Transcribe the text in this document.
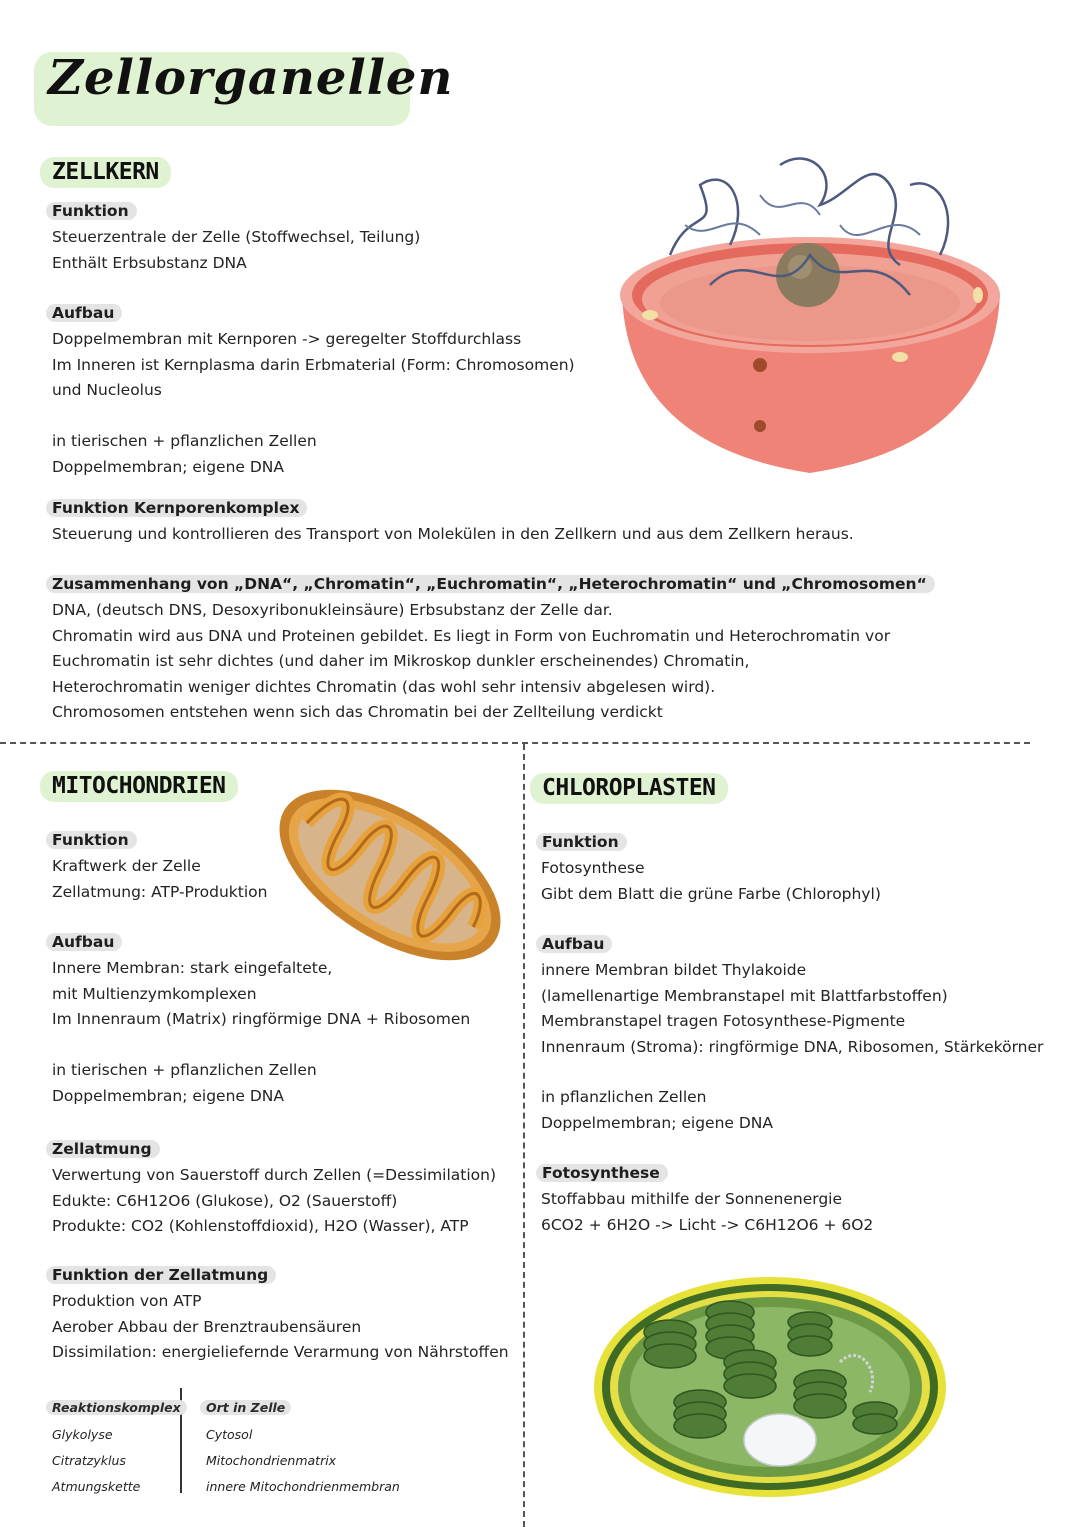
Zellorganellen
ZELLKERN
Funktion
Steuerzentrale der Zelle (Stoffwechsel, Teilung)
Enthält Erbsubstanz DNA
Aufbau
Doppelmembran mit Kernporen -> geregelter Stoffdurchlass
Im Inneren ist Kernplasma darin Erbmaterial (Form: Chromosomen)
und Nucleolus
in tierischen + pflanzlichen Zellen
Doppelmembran; eigene DNA
Funktion Kernporenkomplex
Steuerung und kontrollieren des Transport von Molekülen in den Zellkern und aus dem Zellkern heraus.
Zusammenhang von „DNA“, „Chromatin“, „Euchromatin“, „Heterochromatin“ und „Chromosomen“
DNA, (deutsch DNS, Desoxyribonukleinsäure) Erbsubstanz der Zelle dar.
Chromatin wird aus DNA und Proteinen gebildet. Es liegt in Form von Euchromatin und Heterochromatin vor
Euchromatin ist sehr dichtes (und daher im Mikroskop dunkler erscheinendes) Chromatin,
Heterochromatin weniger dichtes Chromatin (das wohl sehr intensiv abgelesen wird).
Chromosomen entstehen wenn sich das Chromatin bei der Zellteilung verdickt
MITOCHONDRIEN
Funktion
Kraftwerk der Zelle
Zellatmung: ATP-Produktion
Aufbau
Innere Membran: stark eingefaltete,
mit Multienzymkomplexen
Im Innenraum (Matrix) ringförmige DNA + Ribosomen
in tierischen + pflanzlichen Zellen
Doppelmembran; eigene DNA
Zellatmung
Verwertung von Sauerstoff durch Zellen (=Dessimilation)
Edukte: C6H12O6 (Glukose), O2 (Sauerstoff)
Produkte: CO2 (Kohlenstoffdioxid), H2O (Wasser), ATP
Funktion der Zellatmung
Produktion von ATP
Aerober Abbau der Brenztraubensäuren
Dissimilation: energieliefernde Verarmung von Nährstoffen
Reaktionskomplex	Ort in Zelle
Glykolyse
Citratzyklus
Atmungskette
Cytosol
Mitochondrienmatrix
innere Mitochondrienmembran
CHLOROPLASTEN
Funktion
Fotosynthese
Gibt dem Blatt die grüne Farbe (Chlorophyl)
Aufbau
innere Membran bildet Thylakoide
(lamellenartige Membranstapel mit Blattfarbstoffen)
Membranstapel tragen Fotosynthese-Pigmente
Innenraum (Stroma): ringförmige DNA, Ribosomen, Stärkekörner
in pflanzlichen Zellen
Doppelmembran; eigene DNA
Fotosynthese
Stoffabbau mithilfe der Sonnenenergie
6CO2 + 6H2O -> Licht -> C6H12O6 + 6O2
